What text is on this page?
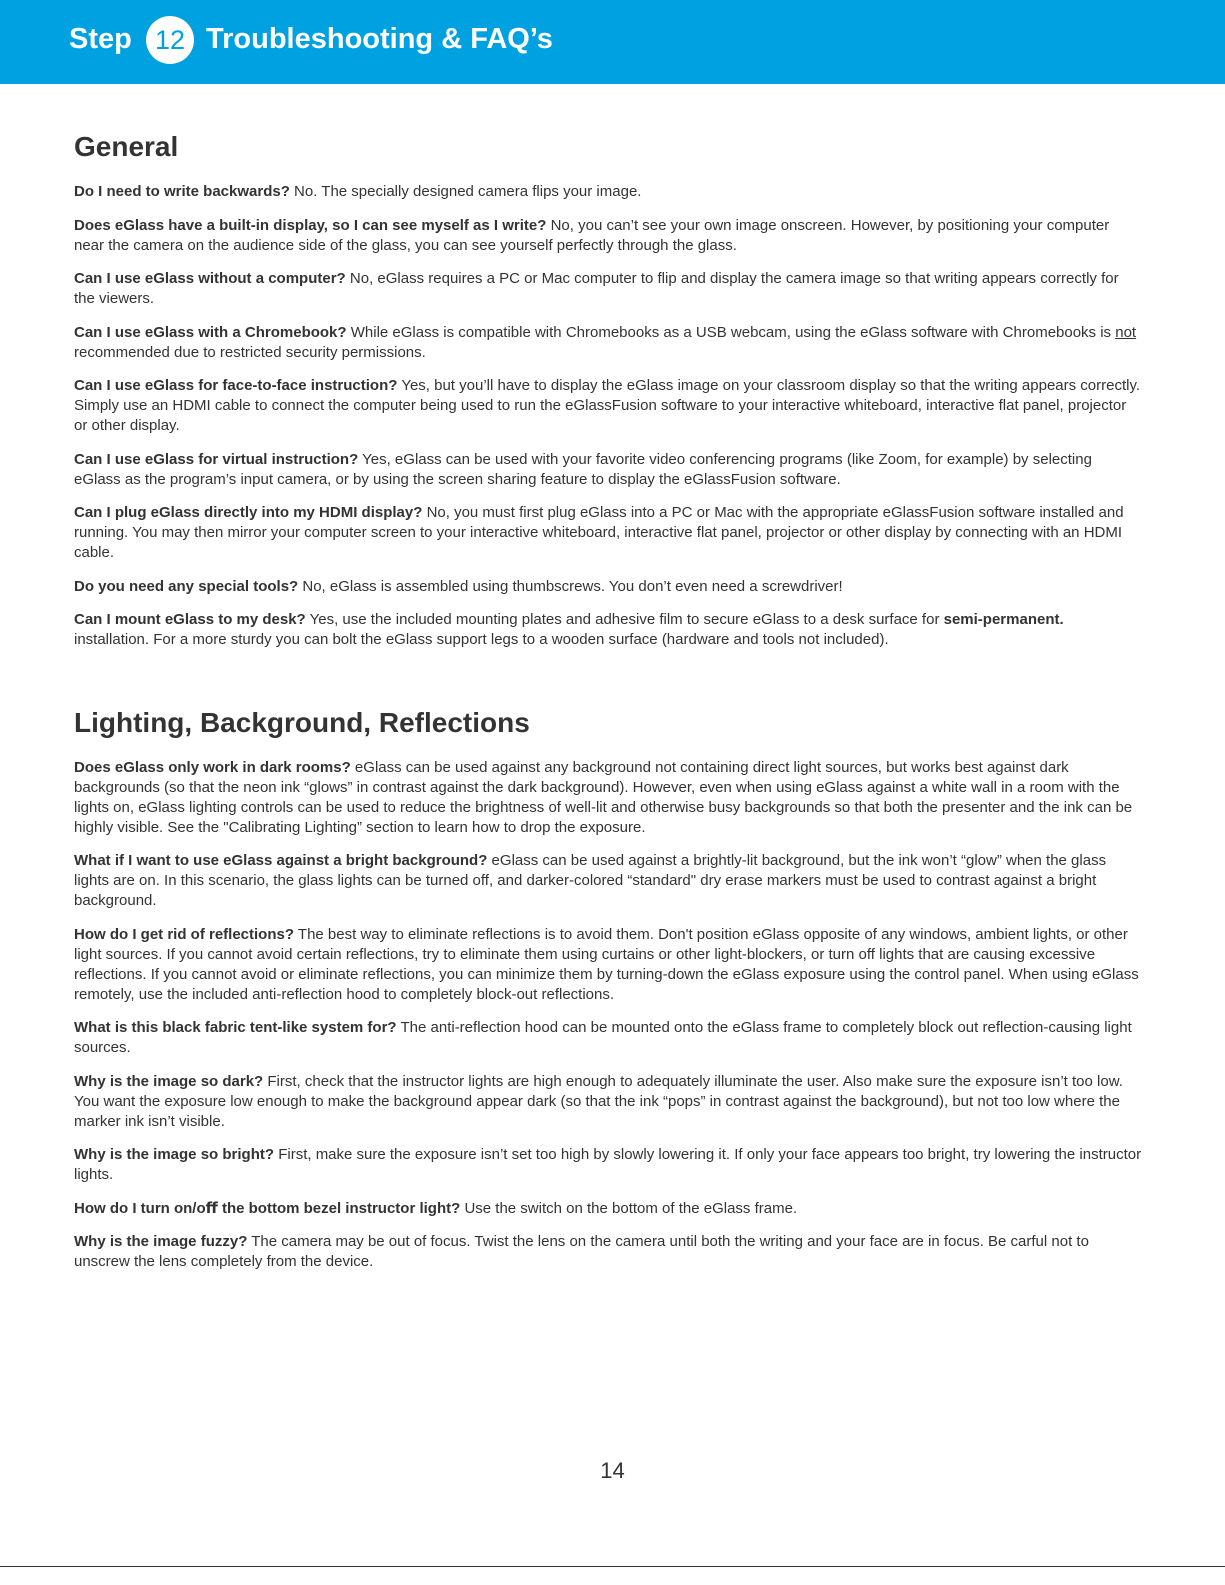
Step 12 Troubleshooting & FAQ’s
General

Do I need to write backwards? No. The specially designed camera flips your image.

Does eGlass have a built-in display, so I can see myself as I write? No, you can’t see your own image onscreen. However, by positioning your computer near the camera on the audience side of the glass, you can see yourself perfectly through the glass.

Can I use eGlass without a computer? No, eGlass requires a PC or Mac computer to flip and display the camera image so that writing appears correctly for the viewers.

Can I use eGlass with a Chromebook? While eGlass is compatible with Chromebooks as a USB webcam, using the eGlass software with Chromebooks is not recommended due to restricted security permissions.

Can I use eGlass for face-to-face instruction? Yes, but you’ll have to display the eGlass image on your classroom display so that the writing appears correctly. Simply use an HDMI cable to connect the computer being used to run the eGlassFusion software to your interactive whiteboard, interactive flat panel, projector or other display.

Can I use eGlass for virtual instruction? Yes, eGlass can be used with your favorite video conferencing programs (like Zoom, for example) by selecting eGlass as the program’s input camera, or by using the screen sharing feature to display the eGlassFusion software.

Can I plug eGlass directly into my HDMI display? No, you must first plug eGlass into a PC or Mac with the appropriate eGlassFusion software installed and running. You may then mirror your computer screen to your interactive whiteboard, interactive flat panel, projector or other display by connecting with an HDMI cable.

Do you need any special tools? No, eGlass is assembled using thumbscrews. You don’t even need a screwdriver!

Can I mount eGlass to my desk? Yes, use the included mounting plates and adhesive film to secure eGlass to a desk surface for semi-permanent. installation. For a more sturdy you can bolt the eGlass support legs to a wooden surface (hardware and tools not included).

Lighting, Background, Reflections

Does eGlass only work in dark rooms? eGlass can be used against any background not containing direct light sources, but works best against dark backgrounds (so that the neon ink “glows” in contrast against the dark background). However, even when using eGlass against a white wall in a room with the lights on, eGlass lighting controls can be used to reduce the brightness of well-lit and otherwise busy backgrounds so that both the presenter and the ink can be highly visible. See the "Calibrating Lighting” section to learn how to drop the exposure.

What if I want to use eGlass against a bright background? eGlass can be used against a brightly-lit background, but the ink won’t “glow” when the glass lights are on. In this scenario, the glass lights can be turned off, and darker-colored “standard" dry erase markers must be used to contrast against a bright background.

How do I get rid of reflections? The best way to eliminate reflections is to avoid them. Don't position eGlass opposite of any windows, ambient lights, or other light sources. If you cannot avoid certain reflections, try to eliminate them using curtains or other light-blockers, or turn off lights that are causing excessive reflections. If you cannot avoid or eliminate reflections, you can minimize them by turning-down the eGlass exposure using the control panel. When using eGlass remotely, use the included anti-reflection hood to completely block-out reflections.

What is this black fabric tent-like system for? The anti-reflection hood can be mounted onto the eGlass frame to completely block out reflection-causing light sources.

Why is the image so dark? First, check that the instructor lights are high enough to adequately illuminate the user. Also make sure the exposure isn’t too low. You want the exposure low enough to make the background appear dark (so that the ink “pops” in contrast against the background), but not too low where the marker ink isn’t visible.

Why is the image so bright? First, make sure the exposure isn’t set too high by slowly lowering it. If only your face appears too bright, try lowering the instructor lights.

How do I turn on/oﬀ the bottom bezel instructor light? Use the switch on the bottom of the eGlass frame.

Why is the image fuzzy? The camera may be out of focus. Twist the lens on the camera until both the writing and your face are in focus. Be carful not to unscrew the lens completely from the device.

14
